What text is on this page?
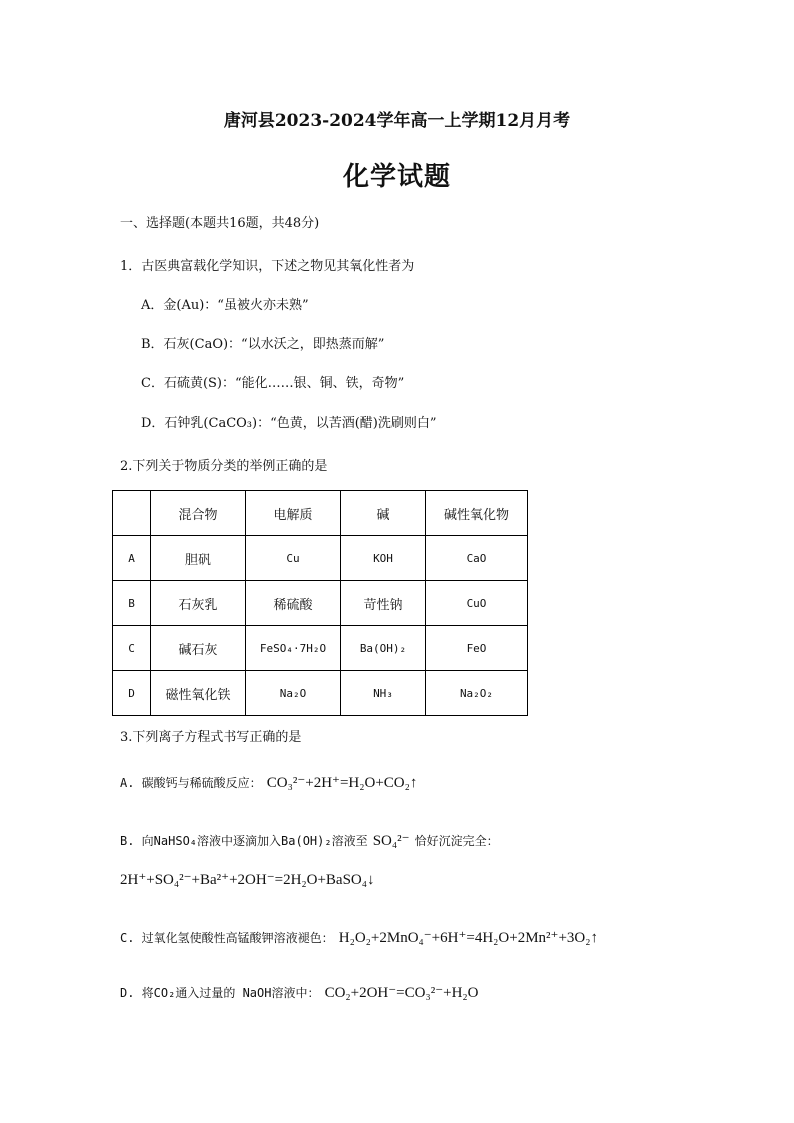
唐河县2023-2024学年高一上学期12月月考
化学试题
一、选择题(本题共16题，共48分)
1．古医典富载化学知识，下述之物见其氧化性者为
A．金(Au)：“虽被火亦未熟”
B．石灰(CaO)：“以水沃之，即热蒸而解”
C．石硫黄(S)：“能化……银、铜、铁，奇物”
D．石钟乳(CaCO₃)：“色黄，以苦酒(醋)洗刷则白”
2.下列关于物质分类的举例正确的是
	混合物	电解质	碱	碱性氧化物
A	胆矾	Cu	KOH	CaO
B	石灰乳	稀硫酸	苛性钠	CuO
C	碱石灰	FeSO₄·7H₂O	Ba(OH)₂	FeO
D	磁性氧化铁	Na₂O	NH₃	Na₂O₂
3.下列离子方程式书写正确的是
A. 碳酸钙与稀硫酸反应： CO₃²⁻+2H⁺=H₂O+CO₂↑
B. 向NaHSO₄溶液中逐滴加入Ba(OH)₂溶液至 SO₄²⁻ 恰好沉淀完全：
2H⁺+SO₄²⁻+Ba²⁺+2OH⁻=2H₂O+BaSO₄↓
C. 过氧化氢使酸性高锰酸钾溶液褪色： H₂O₂+2MnO₄⁻+6H⁺=4H₂O+2Mn²⁺+3O₂↑
D. 将CO₂通入过量的 NaOH溶液中： CO₂+2OH⁻=CO₃²⁻+H₂O
